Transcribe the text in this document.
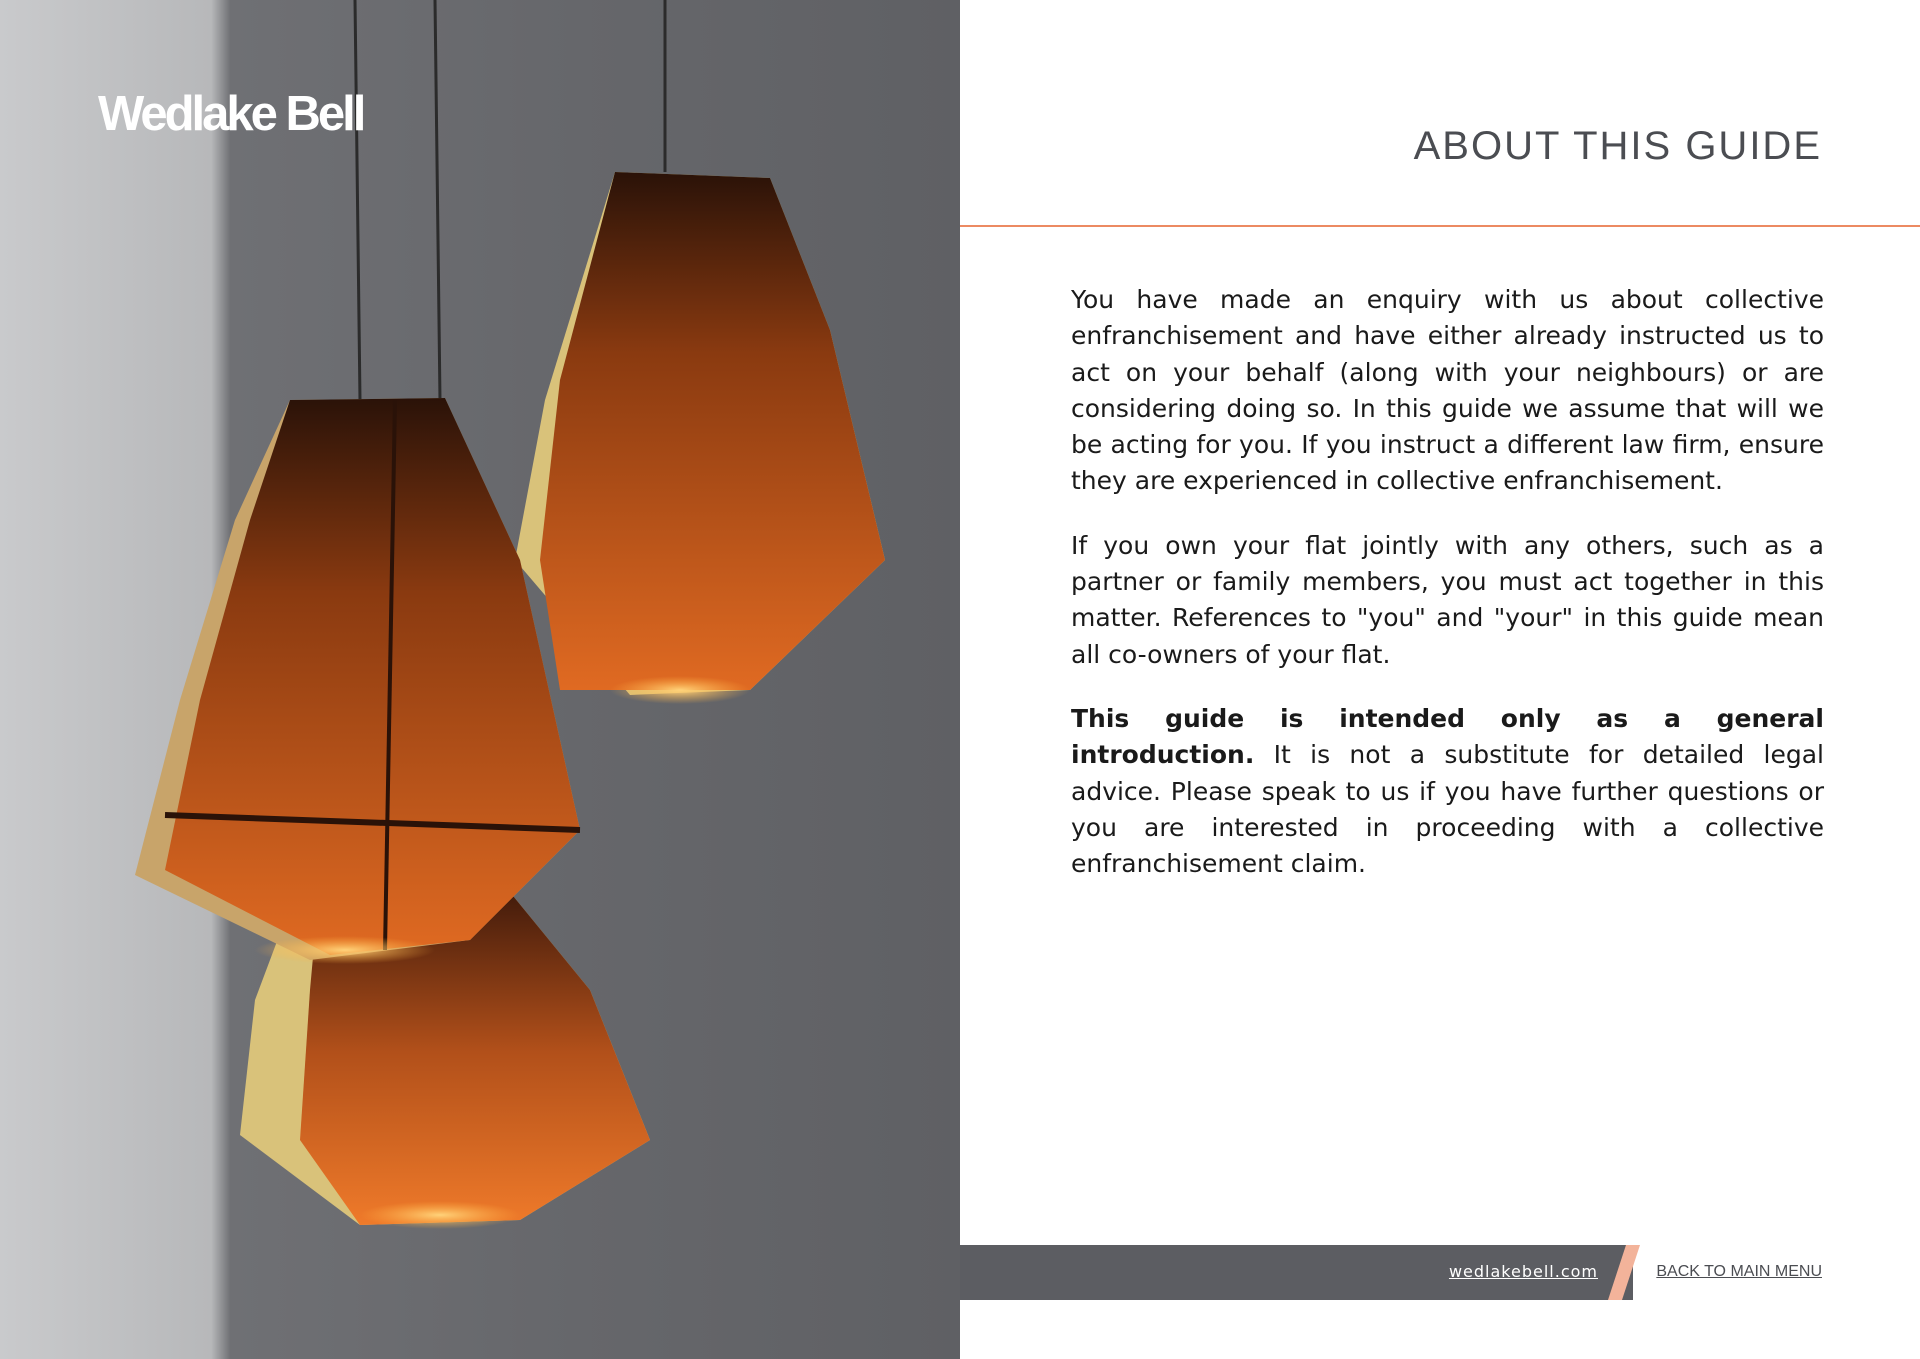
Wedlake Bell
ABOUT THIS GUIDE

You have made an enquiry with us about collective enfranchisement and have either already instructed us to act on your behalf (along with your neighbours) or are considering doing so. In this guide we assume that will we be acting for you. If you instruct a different law firm, ensure they are experienced in collective enfranchisement.

If you own your flat jointly with any others, such as a partner or family members, you must act together in this matter. References to "you" and "your" in this guide mean all co-owners of your flat.

This guide is intended only as a general introduction. It is not a substitute for detailed legal advice. Please speak to us if you have further questions or you are interested in proceeding with a collective enfranchisement claim.

wedlakebell.com	BACK TO MAIN MENU
